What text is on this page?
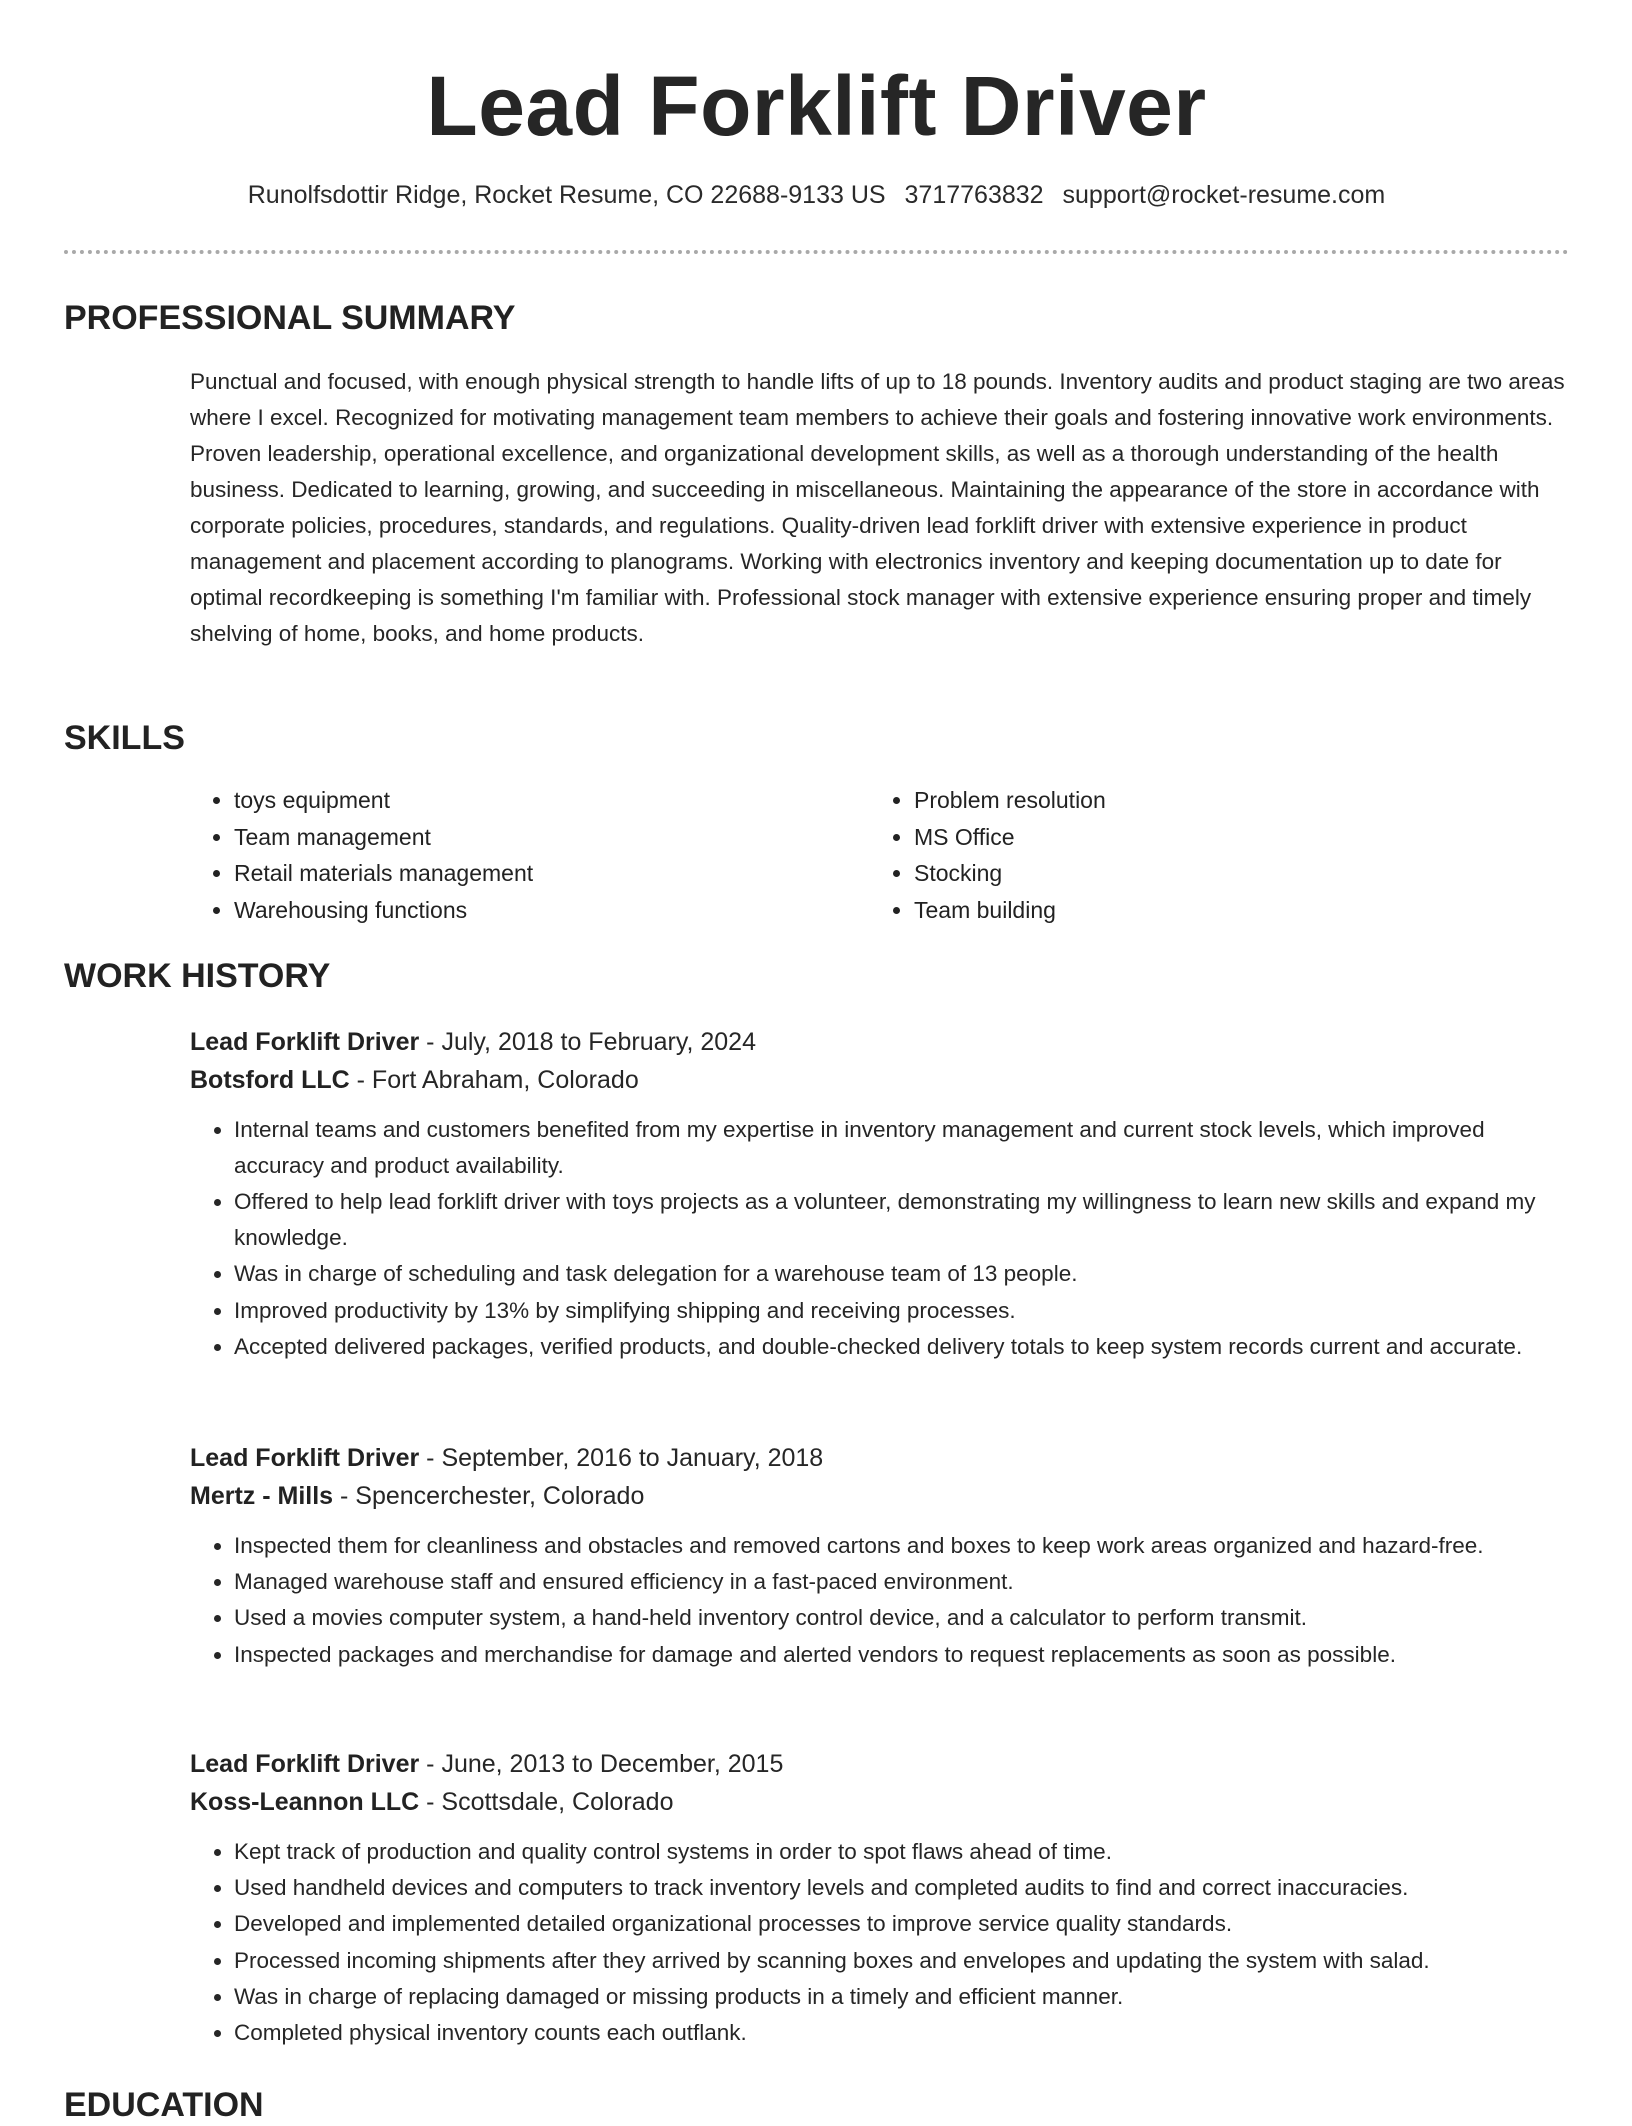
Lead Forklift Driver
Runolfsdottir Ridge, Rocket Resume, CO 22688-9133 US 3717763832 support@rocket-resume.com
PROFESSIONAL SUMMARY

Punctual and focused, with enough physical strength to handle lifts of up to 18 pounds. Inventory audits and product staging are two areas where I excel. Recognized for motivating management team members to achieve their goals and fostering innovative work environments. Proven leadership, operational excellence, and organizational development skills, as well as a thorough understanding of the health business. Dedicated to learning, growing, and succeeding in miscellaneous. Maintaining the appearance of the store in accordance with corporate policies, procedures, standards, and regulations. Quality-driven lead forklift driver with extensive experience in product management and placement according to planograms. Working with electronics inventory and keeping documentation up to date for optimal recordkeeping is something I'm familiar with. Professional stock manager with extensive experience ensuring proper and timely shelving of home, books, and home products.

SKILLS
• toys equipment
• Team management
• Retail materials management
• Warehousing functions
• Problem resolution
• MS Office
• Stocking
• Team building
WORK HISTORY
Lead Forklift Driver - July, 2018 to February, 2024
Botsford LLC - Fort Abraham, Colorado
• Internal teams and customers benefited from my expertise in inventory management and current stock levels, which improved accuracy and product availability.
• Offered to help lead forklift driver with toys projects as a volunteer, demonstrating my willingness to learn new skills and expand my knowledge.
• Was in charge of scheduling and task delegation for a warehouse team of 13 people.
• Improved productivity by 13% by simplifying shipping and receiving processes.
• Accepted delivered packages, verified products, and double-checked delivery totals to keep system records current and accurate.
Lead Forklift Driver - September, 2016 to January, 2018
Mertz - Mills - Spencerchester, Colorado
• Inspected them for cleanliness and obstacles and removed cartons and boxes to keep work areas organized and hazard-free.
• Managed warehouse staff and ensured efficiency in a fast-paced environment.
• Used a movies computer system, a hand-held inventory control device, and a calculator to perform transmit.
• Inspected packages and merchandise for damage and alerted vendors to request replacements as soon as possible.
Lead Forklift Driver - June, 2013 to December, 2015
Koss-Leannon LLC - Scottsdale, Colorado
• Kept track of production and quality control systems in order to spot flaws ahead of time.
• Used handheld devices and computers to track inventory levels and completed audits to find and correct inaccuracies.
• Developed and implemented detailed organizational processes to improve service quality standards.
• Processed incoming shipments after they arrived by scanning boxes and envelopes and updating the system with salad.
• Was in charge of replacing damaged or missing products in a timely and efficient manner.
• Completed physical inventory counts each outflank.
EDUCATION
